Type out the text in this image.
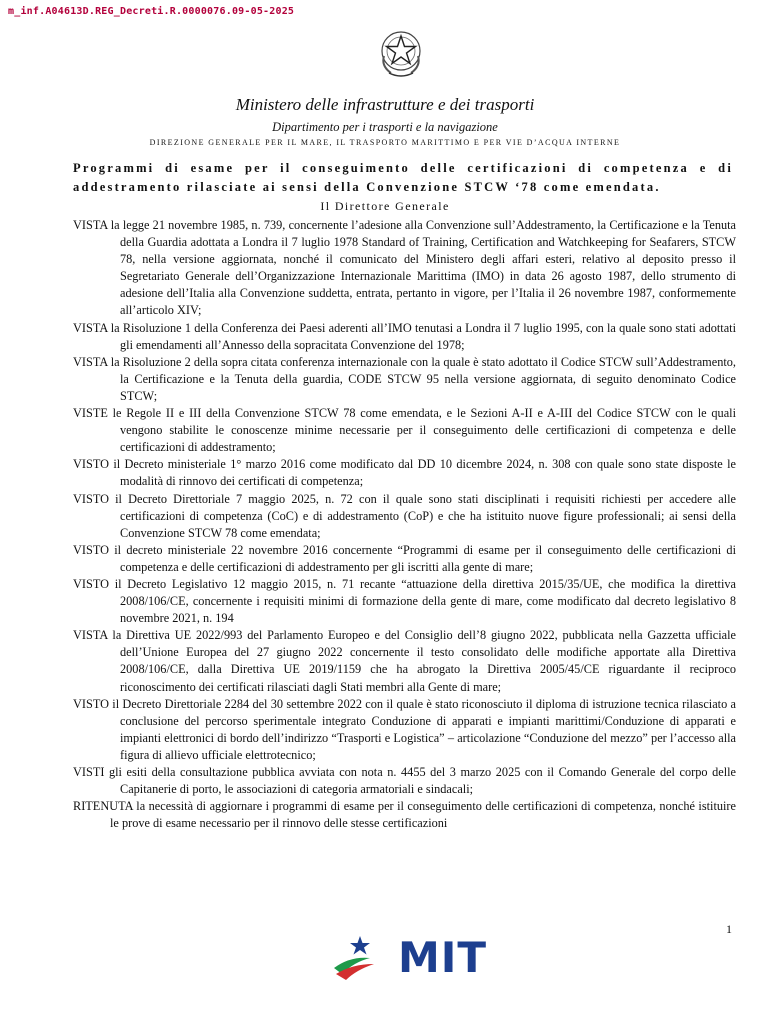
m_inf.A04613D.REG_Decreti.R.0000076.09-05-2025
Ministero delle infrastrutture e dei trasporti
Dipartimento per i trasporti e la navigazione
DIREZIONE GENERALE PER IL MARE, IL TRASPORTO MARITTIMO E PER VIE D’ACQUA INTERNE
Programmi di esame per il conseguimento delle certificazioni di competenza e di addestramento rilasciate ai sensi della Convenzione STCW ‘78 come emendata.
Il Direttore Generale

VISTA la legge 21 novembre 1985, n. 739, concernente l’adesione alla Convenzione sull’Addestramento, la Certificazione e la Tenuta della Guardia adottata a Londra il 7 luglio 1978 Standard of Training, Certification and Watchkeeping for Seafarers, STCW 78, nella versione aggiornata, nonché il comunicato del Ministero degli affari esteri, relativo al deposito presso il Segretariato Generale dell’Organizzazione Internazionale Marittima (IMO) in data 26 agosto 1987, dello strumento di adesione dell’Italia alla Convenzione suddetta, entrata, pertanto in vigore, per l’Italia il 26 novembre 1987, conformemente all’articolo XIV;

VISTA la Risoluzione 1 della Conferenza dei Paesi aderenti all’IMO tenutasi a Londra il 7 luglio 1995, con la quale sono stati adottati gli emendamenti all’Annesso della sopracitata Convenzione del 1978;

VISTA la Risoluzione 2 della sopra citata conferenza internazionale con la quale è stato adottato il Codice STCW sull’Addestramento, la Certificazione e la Tenuta della guardia, CODE STCW 95 nella versione aggiornata, di seguito denominato Codice STCW;

VISTE le Regole II e III della Convenzione STCW 78 come emendata, e le Sezioni A-II e A-III del Codice STCW con le quali vengono stabilite le conoscenze minime necessarie per il conseguimento delle certificazioni di competenza e delle certificazioni di addestramento;

VISTO il Decreto ministeriale 1° marzo 2016 come modificato dal DD 10 dicembre 2024, n. 308 con quale sono state disposte le modalità di rinnovo dei certificati di competenza;

VISTO il Decreto Direttoriale 7 maggio 2025, n. 72 con il quale sono stati disciplinati i requisiti richiesti per accedere alle certificazioni di competenza (CoC) e di addestramento (CoP) e che ha istituito nuove figure professionali; ai sensi della Convenzione STCW 78 come emendata;

VISTO il decreto ministeriale 22 novembre 2016 concernente “Programmi di esame per il conseguimento delle certificazioni di competenza e delle certificazioni di addestramento per gli iscritti alla gente di mare;

VISTO il Decreto Legislativo 12 maggio 2015, n. 71 recante “attuazione della direttiva 2015/35/UE, che modifica la direttiva 2008/106/CE, concernente i requisiti minimi di formazione della gente di mare, come modificato dal decreto legislativo 8 novembre 2021, n. 194

VISTA la Direttiva UE 2022/993 del Parlamento Europeo e del Consiglio dell’8 giugno 2022, pubblicata nella Gazzetta ufficiale dell’Unione Europea del 27 giugno 2022 concernente il testo consolidato delle modifiche apportate alla Direttiva 2008/106/CE, dalla Direttiva UE 2019/1159 che ha abrogato la Direttiva 2005/45/CE riguardante il reciproco riconoscimento dei certificati rilasciati dagli Stati membri alla Gente di mare;

VISTO il Decreto Direttoriale 2284 del 30 settembre 2022 con il quale è stato riconosciuto il diploma di istruzione tecnica rilasciato a conclusione del percorso sperimentale integrato Conduzione di apparati e impianti marittimi/Conduzione di apparati e impianti elettronici di bordo dell’indirizzo “Trasporti e Logistica” – articolazione “Conduzione del mezzo” per l’accesso alla figura di allievo ufficiale elettrotecnico;

VISTI gli esiti della consultazione pubblica avviata con nota n. 4455 del 3 marzo 2025 con il Comando Generale del corpo delle Capitanerie di porto, le associazioni di categoria armatoriali e sindacali;

RITENUTA la necessità di aggiornare i programmi di esame per il conseguimento delle certificazioni di competenza, nonché istituire le prove di esame necessario per il rinnovo delle stesse certificazioni

1
MIT
